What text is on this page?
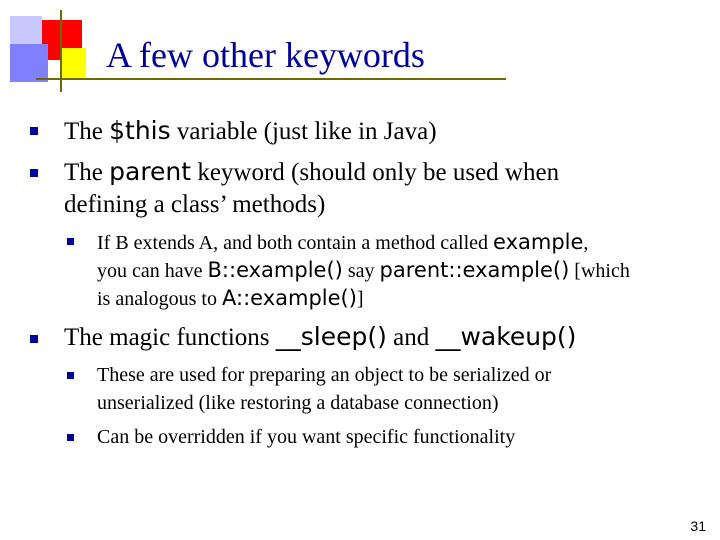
A few other keywords
The $this variable (just like in Java)
The parent keyword (should only be used when
defining a class’ methods)
If B extends A, and both contain a method called example,
you can have B::example() say parent::example() [which
is analogous to A::example()]
The magic functions __sleep() and __wakeup()
These are used for preparing an object to be serialized or
unserialized (like restoring a database connection)
Can be overridden if you want specific functionality
31
